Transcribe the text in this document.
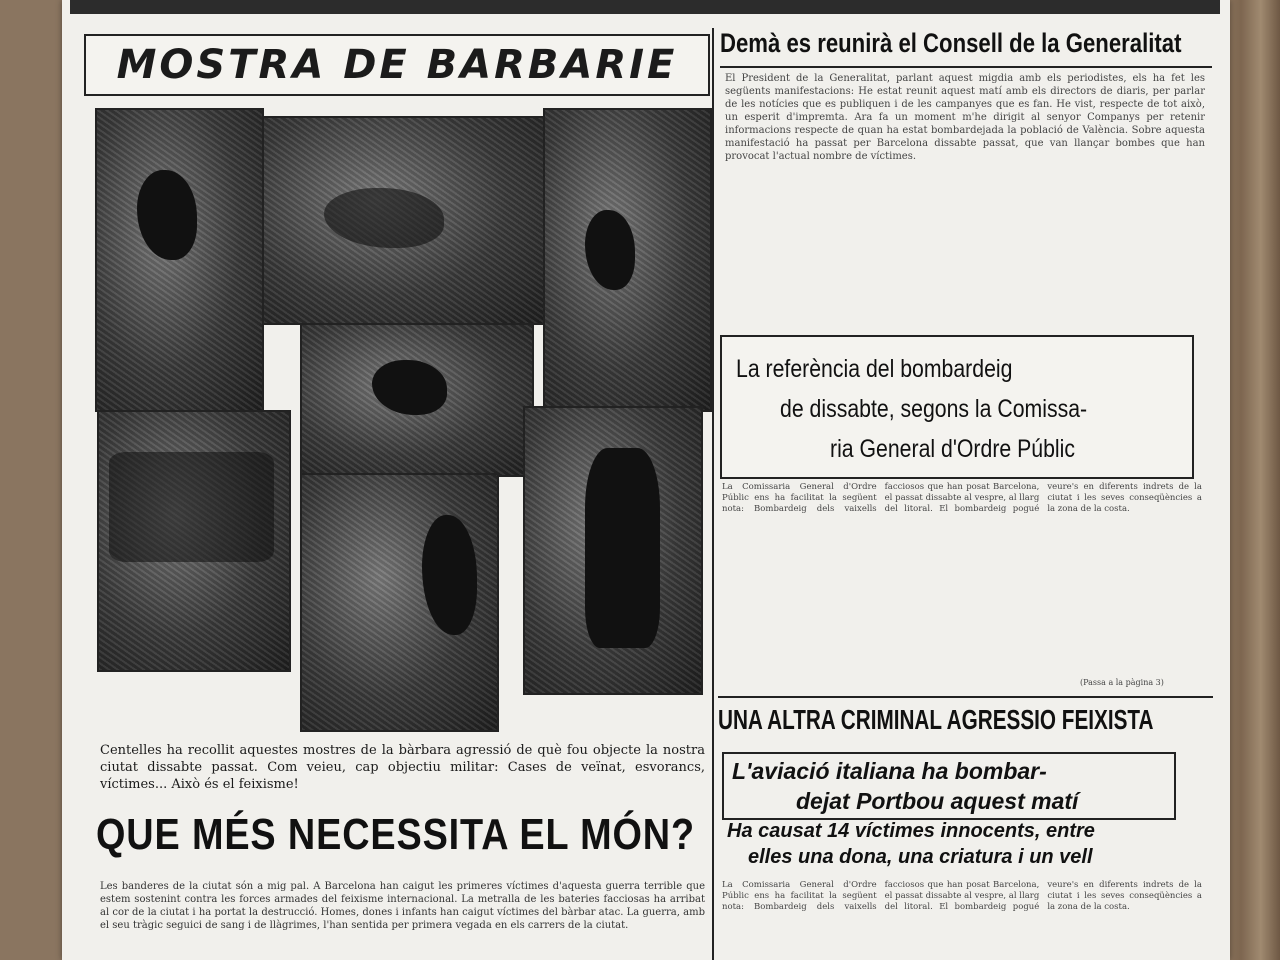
MOSTRA DE BARBARIE
Centelles ha recollit aquestes mostres de la bàrbara agressió de què fou objecte la nostra ciutat dissabte passat. Com veieu, cap objectiu militar: Cases de veïnat, esvorancs, víctimes... Això és el feixisme!
QUE MÉS NECESSITA EL MÓN?
Les banderes de la ciutat són a mig pal. A Barcelona han caigut les primeres víctimes d'aquesta guerra terrible que estem sostenint contra les forces armades del feixisme internacional. La metralla de les bateries facciosas ha arribat al cor de la ciutat i ha portat la destrucció. Homes, dones i infants han caigut víctimes del bàrbar atac. La guerra, amb el seu tràgic seguici de sang i de llàgrimes, l'han sentida per primera vegada en els carrers de la ciutat.
Demà es reunirà el Consell de la Generalitat
El President de la Generalitat, parlant aquest migdia amb els periodistes, els ha fet les següents manifestacions: He estat reunit aquest matí amb els directors de diaris, per parlar de les notícies que es publiquen i de les campanyes que es fan. He vist, respecte de tot això, un esperit d'impremta. Ara fa un moment m'he dirigit al senyor Companys per retenir informacions respecte de quan ha estat bombardejada la població de València. Sobre aquesta manifestació ha passat per Barcelona dissabte passat, que van llançar bombes que han provocat l'actual nombre de víctimes.
La referència del bombardeig
de dissabte, segons la Comissa-
ria General d'Ordre Públic
La Comissaria General d'Ordre Públic ens ha facilitat la següent nota: Bombardeig dels vaixells facciosos que han posat Barcelona, el passat dissabte al vespre, al llarg del litoral. El bombardeig pogué veure's en diferents indrets de la ciutat i les seves conseqüències a la zona de la costa.
(Passa a la pàgina 3)
UNA ALTRA CRIMINAL AGRESSIO FEIXISTA
L'aviació italiana ha bombar-
dejat Portbou aquest matí
Ha causat 14 víctimes innocents, entre
elles una dona, una criatura i un vell
La Comissaria General d'Ordre Públic ens ha facilitat la següent nota: Bombardeig dels vaixells facciosos que han posat Barcelona, el passat dissabte al vespre, al llarg del litoral. El bombardeig pogué veure's en diferents indrets de la ciutat i les seves conseqüències a la zona de la costa.
